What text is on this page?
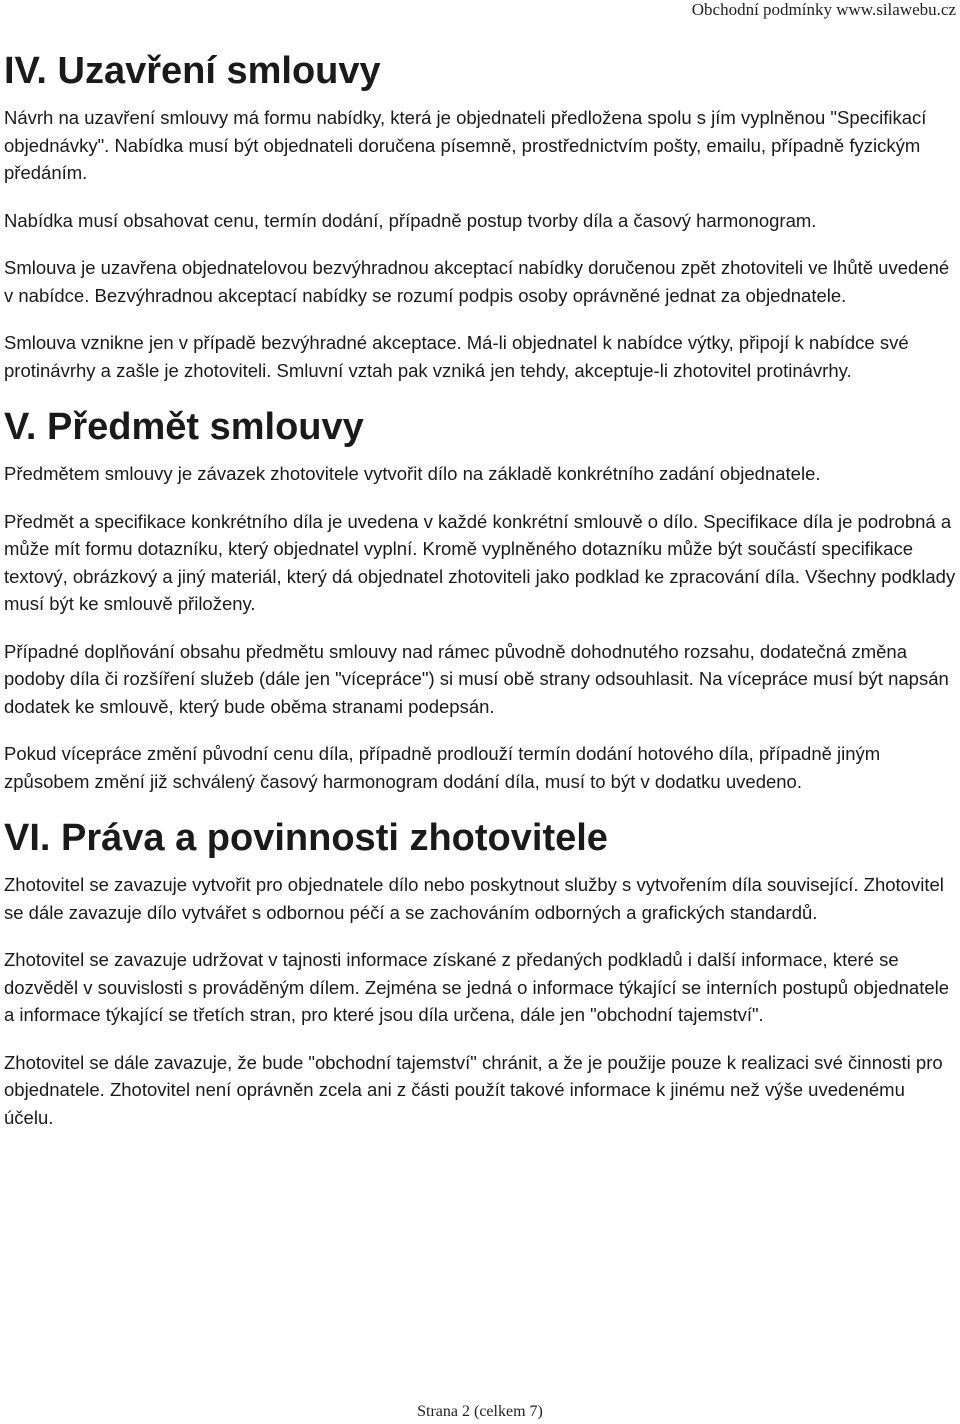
Obchodní podmínky www.silawebu.cz
IV. Uzavření smlouvy

Návrh na uzavření smlouvy má formu nabídky, která je objednateli předložena spolu s jím vyplněnou "Specifikací objednávky". Nabídka musí být objednateli doručena písemně, prostřednictvím pošty, emailu, případně fyzickým předáním.

Nabídka musí obsahovat cenu, termín dodání, případně postup tvorby díla a časový harmonogram.

Smlouva je uzavřena objednatelovou bezvýhradnou akceptací nabídky doručenou zpět zhotoviteli ve lhůtě uvedené v nabídce. Bezvýhradnou akceptací nabídky se rozumí podpis osoby oprávněné jednat za objednatele.

Smlouva vznikne jen v případě bezvýhradné akceptace. Má-li objednatel k nabídce výtky, připojí k nabídce své protinávrhy a zašle je zhotoviteli. Smluvní vztah pak vzniká jen tehdy, akceptuje-li zhotovitel protinávrhy.

V. Předmět smlouvy

Předmětem smlouvy je závazek zhotovitele vytvořit dílo na základě konkrétního zadání objednatele.

Předmět a specifikace konkrétního díla je uvedena v každé konkrétní smlouvě o dílo. Specifikace díla je podrobná a může mít formu dotazníku, který objednatel vyplní. Kromě vyplněného dotazníku může být součástí specifikace textový, obrázkový a jiný materiál, který dá objednatel zhotoviteli jako podklad ke zpracování díla. Všechny podklady musí být ke smlouvě přiloženy.

Případné doplňování obsahu předmětu smlouvy nad rámec původně dohodnutého rozsahu, dodatečná změna podoby díla či rozšíření služeb (dále jen "vícepráce") si musí obě strany odsouhlasit. Na vícepráce musí být napsán dodatek ke smlouvě, který bude oběma stranami podepsán.

Pokud vícepráce změní původní cenu díla, případně prodlouží termín dodání hotového díla, případně jiným způsobem změní již schválený časový harmonogram dodání díla, musí to být v dodatku uvedeno.

VI. Práva a povinnosti zhotovitele

Zhotovitel se zavazuje vytvořit pro objednatele dílo nebo poskytnout služby s vytvořením díla související. Zhotovitel se dále zavazuje dílo vytvářet s odbornou péčí a se zachováním odborných a grafických standardů.

Zhotovitel se zavazuje udržovat v tajnosti informace získané z předaných podkladů i další informace, které se dozvěděl v souvislosti s prováděným dílem. Zejména se jedná o informace týkající se interních postupů objednatele a informace týkající se třetích stran, pro které jsou díla určena, dále jen "obchodní tajemství".

Zhotovitel se dále zavazuje, že bude "obchodní tajemství" chránit, a že je použije pouze k realizaci své činnosti pro objednatele. Zhotovitel není oprávněn zcela ani z části použít takové informace k jinému než výše uvedenému účelu.

Strana 2 (celkem 7)
